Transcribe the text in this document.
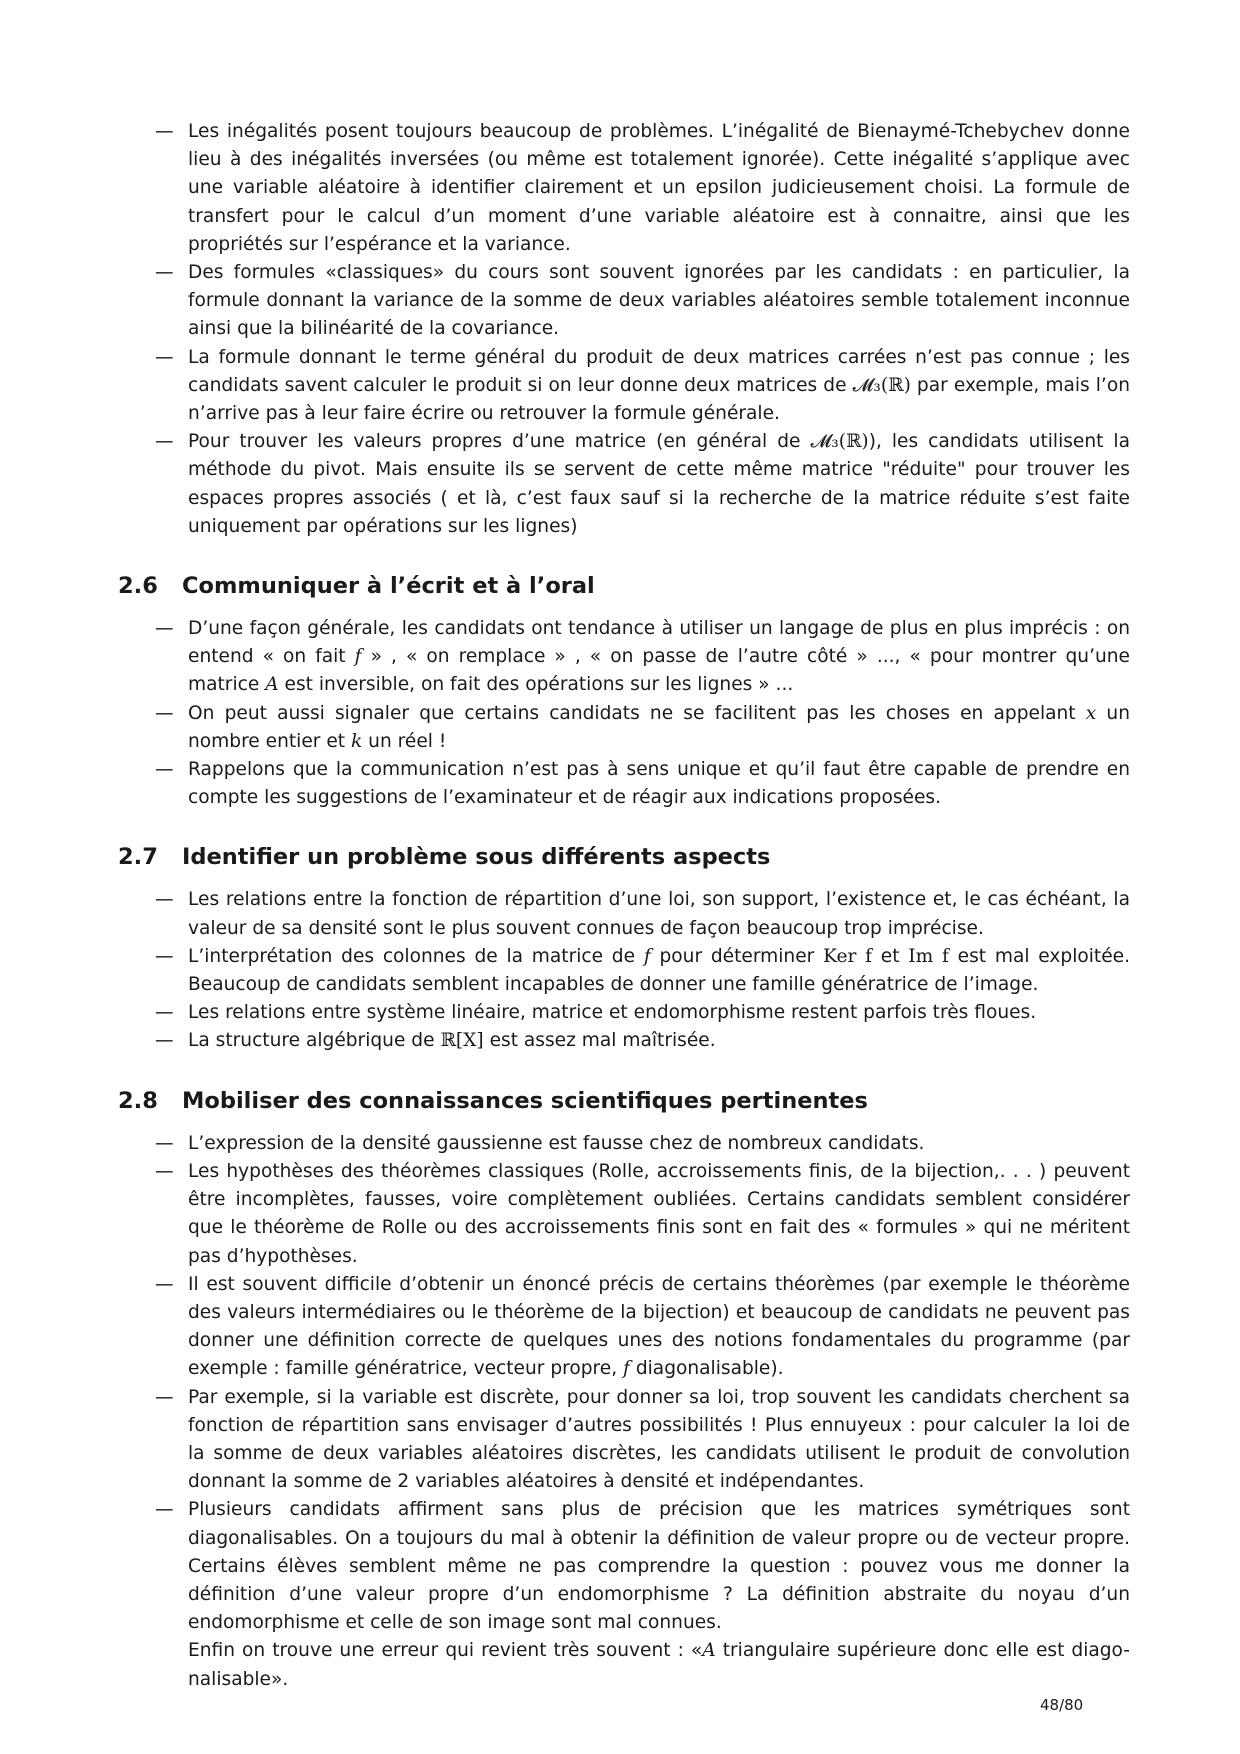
— Les inégalités posent toujours beaucoup de problèmes. L’inégalité de Bienaymé-Tchebychev donne lieu à des inégalités inversées (ou même est totalement ignorée). Cette inégalité s’applique avec une variable aléatoire à identifier clairement et un epsilon judicieusement choisi. La formule de transfert pour le calcul d’un moment d’une variable aléatoire est à connaitre, ainsi que les propriétés sur l’espérance et la variance.
— Des formules «classiques» du cours sont souvent ignorées par les candidats : en particulier, la formule donnant la variance de la somme de deux variables aléatoires semble totalement inconnue ainsi que la bilinéarité de la covariance.
— La formule donnant le terme général du produit de deux matrices carrées n’est pas connue ; les candidats savent calculer le produit si on leur donne deux matrices de 𝓜₃(ℝ) par exemple, mais l’on n’arrive pas à leur faire écrire ou retrouver la formule générale.
— Pour trouver les valeurs propres d’une matrice (en général de 𝓜₃(ℝ)), les candidats utilisent la méthode du pivot. Mais ensuite ils se servent de cette même matrice "réduite" pour trouver les espaces propres associés ( et là, c’est faux sauf si la recherche de la matrice réduite s’est faite uniquement par opérations sur les lignes)
2.6	Communiquer à l’écrit et à l’oral
— D’une façon générale, les candidats ont tendance à utiliser un langage de plus en plus imprécis : on entend « on fait f » , « on remplace » , « on passe de l’autre côté » ..., « pour montrer qu’une matrice A est inversible, on fait des opérations sur les lignes » ...
— On peut aussi signaler que certains candidats ne se facilitent pas les choses en appelant x un nombre entier et k un réel !
— Rappelons que la communication n’est pas à sens unique et qu’il faut être capable de prendre en compte les suggestions de l’examinateur et de réagir aux indications proposées.
2.7	Identifier un problème sous différents aspects
— Les relations entre la fonction de répartition d’une loi, son support, l’existence et, le cas échéant, la valeur de sa densité sont le plus souvent connues de façon beaucoup trop imprécise.
— L’interprétation des colonnes de la matrice de f pour déterminer Ker f et Im f est mal exploitée. Beaucoup de candidats semblent incapables de donner une famille génératrice de l’image.
— Les relations entre système linéaire, matrice et endomorphisme restent parfois très floues.
— La structure algébrique de ℝ[X] est assez mal maîtrisée.
2.8	Mobiliser des connaissances scientifiques pertinentes
— L’expression de la densité gaussienne est fausse chez de nombreux candidats.
— Les hypothèses des théorèmes classiques (Rolle, accroissements finis, de la bijection,. . . ) peuvent être incomplètes, fausses, voire complètement oubliées. Certains candidats semblent considérer que le théorème de Rolle ou des accroissements finis sont en fait des « formules » qui ne méritent pas d’hypothèses.
— Il est souvent difficile d’obtenir un énoncé précis de certains théorèmes (par exemple le théorème des valeurs intermédiaires ou le théorème de la bijection) et beaucoup de candidats ne peuvent pas donner une définition correcte de quelques unes des notions fondamentales du programme (par exemple : famille génératrice, vecteur propre, f diagonalisable).
— Par exemple, si la variable est discrète, pour donner sa loi, trop souvent les candidats cherchent sa fonction de répartition sans envisager d’autres possibilités ! Plus ennuyeux : pour calculer la loi de la somme de deux variables aléatoires discrètes, les candidats utilisent le produit de convolution donnant la somme de 2 variables aléatoires à densité et indépendantes.
— Plusieurs candidats affirment sans plus de précision que les matrices symétriques sont diagonalisables. On a toujours du mal à obtenir la définition de valeur propre ou de vecteur propre. Certains élèves semblent même ne pas comprendre la question : pouvez vous me donner la définition d’une valeur propre d’un endomorphisme ? La définition abstraite du noyau d’un endomorphisme et celle de son image sont mal connues.
Enfin on trouve une erreur qui revient très souvent : «A triangulaire supérieure donc elle est diago-nalisable».
48/80
